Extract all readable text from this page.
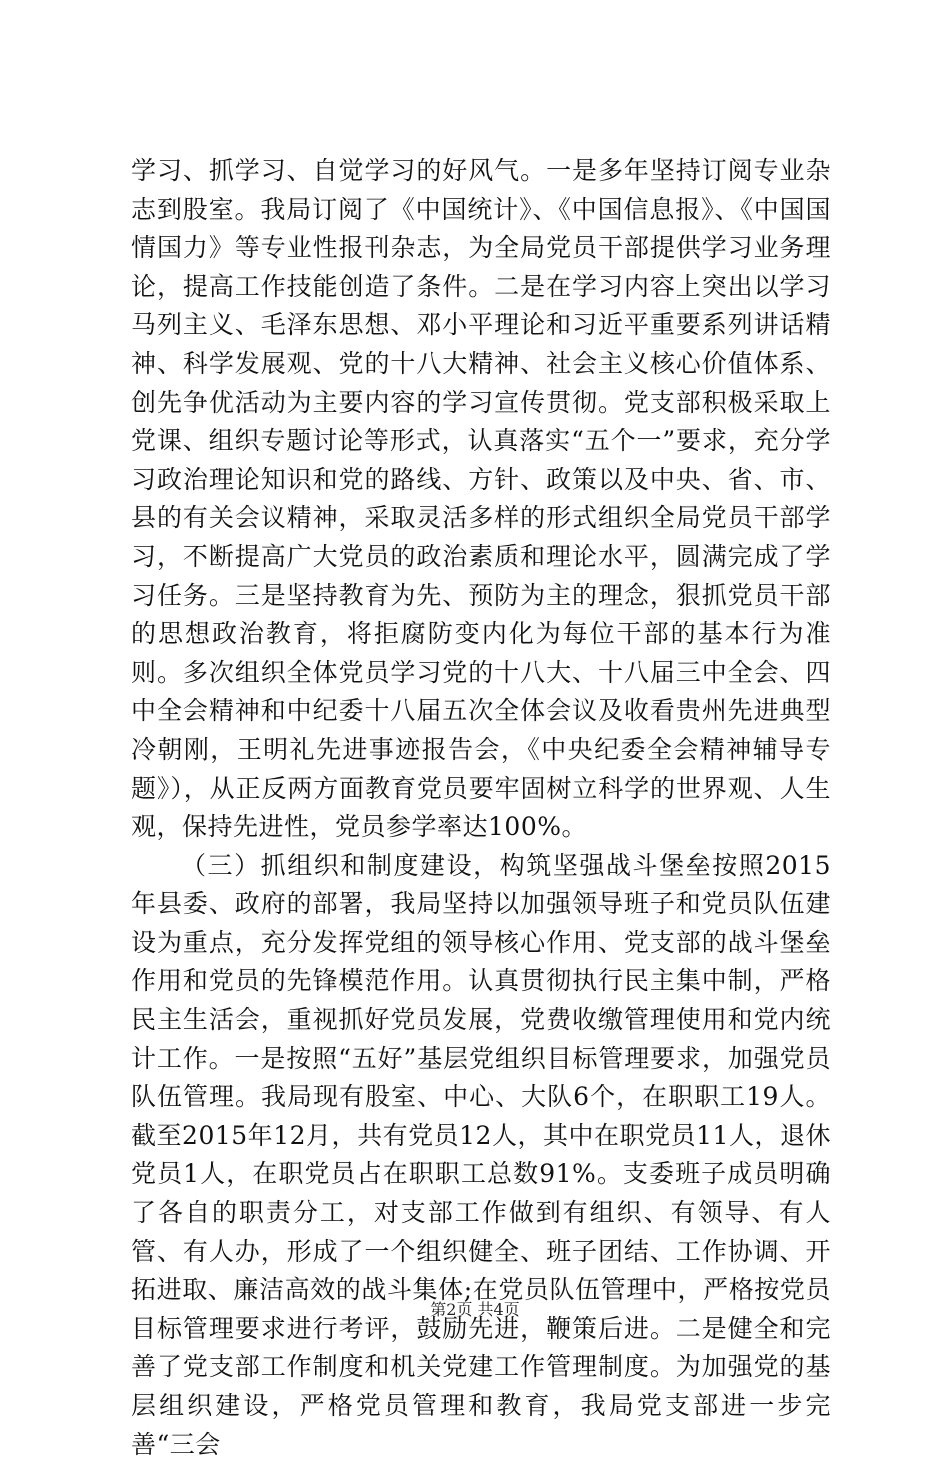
学习、抓学习、自觉学习的好风气。一是多年坚持订阅专业杂志到股室。我局订阅了《中国统计》、《中国信息报》、《中国国情国力》等专业性报刊杂志，为全局党员干部提供学习业务理论，提高工作技能创造了条件。二是在学习内容上突出以学习马列主义、毛泽东思想、邓小平理论和习近平重要系列讲话精神、科学发展观、党的十八大精神、社会主义核心价值体系、创先争优活动为主要内容的学习宣传贯彻。党支部积极采取上党课、组织专题讨论等形式，认真落实“五个一”要求，充分学习政治理论知识和党的路线、方针、政策以及中央、省、市、县的有关会议精神，采取灵活多样的形式组织全局党员干部学习，不断提高广大党员的政治素质和理论水平，圆满完成了学习任务。三是坚持教育为先、预防为主的理念，狠抓党员干部的思想政治教育，将拒腐防变内化为每位干部的基本行为准则。多次组织全体党员学习党的十八大、十八届三中全会、四中全会精神和中纪委十八届五次全体会议及收看贵州先进典型冷朝刚，王明礼先进事迹报告会，《中央纪委全会精神辅导专题》），从正反两方面教育党员要牢固树立科学的世界观、人生观，保持先进性，党员参学率达100%。

（三）抓组织和制度建设，构筑坚强战斗堡垒按照2015年县委、政府的部署，我局坚持以加强领导班子和党员队伍建设为重点，充分发挥党组的领导核心作用、党支部的战斗堡垒作用和党员的先锋模范作用。认真贯彻执行民主集中制，严格民主生活会，重视抓好党员发展，党费收缴管理使用和党内统计工作。一是按照“五好”基层党组织目标管理要求，加强党员队伍管理。我局现有股室、中心、大队6个，在职职工19人。截至2015年12月，共有党员12人，其中在职党员11人，退休党员1人，在职党员占在职职工总数91%。支委班子成员明确了各自的职责分工，对支部工作做到有组织、有领导、有人管、有人办，形成了一个组织健全、班子团结、工作协调、开拓进取、廉洁高效的战斗集体;在党员队伍管理中，严格按党员目标管理要求进行考评，鼓励先进，鞭策后进。二是健全和完善了党支部工作制度和机关党建工作管理制度。为加强党的基层组织建设，严格党员管理和教育，我局党支部进一步完善“三会

第2页 共4页
